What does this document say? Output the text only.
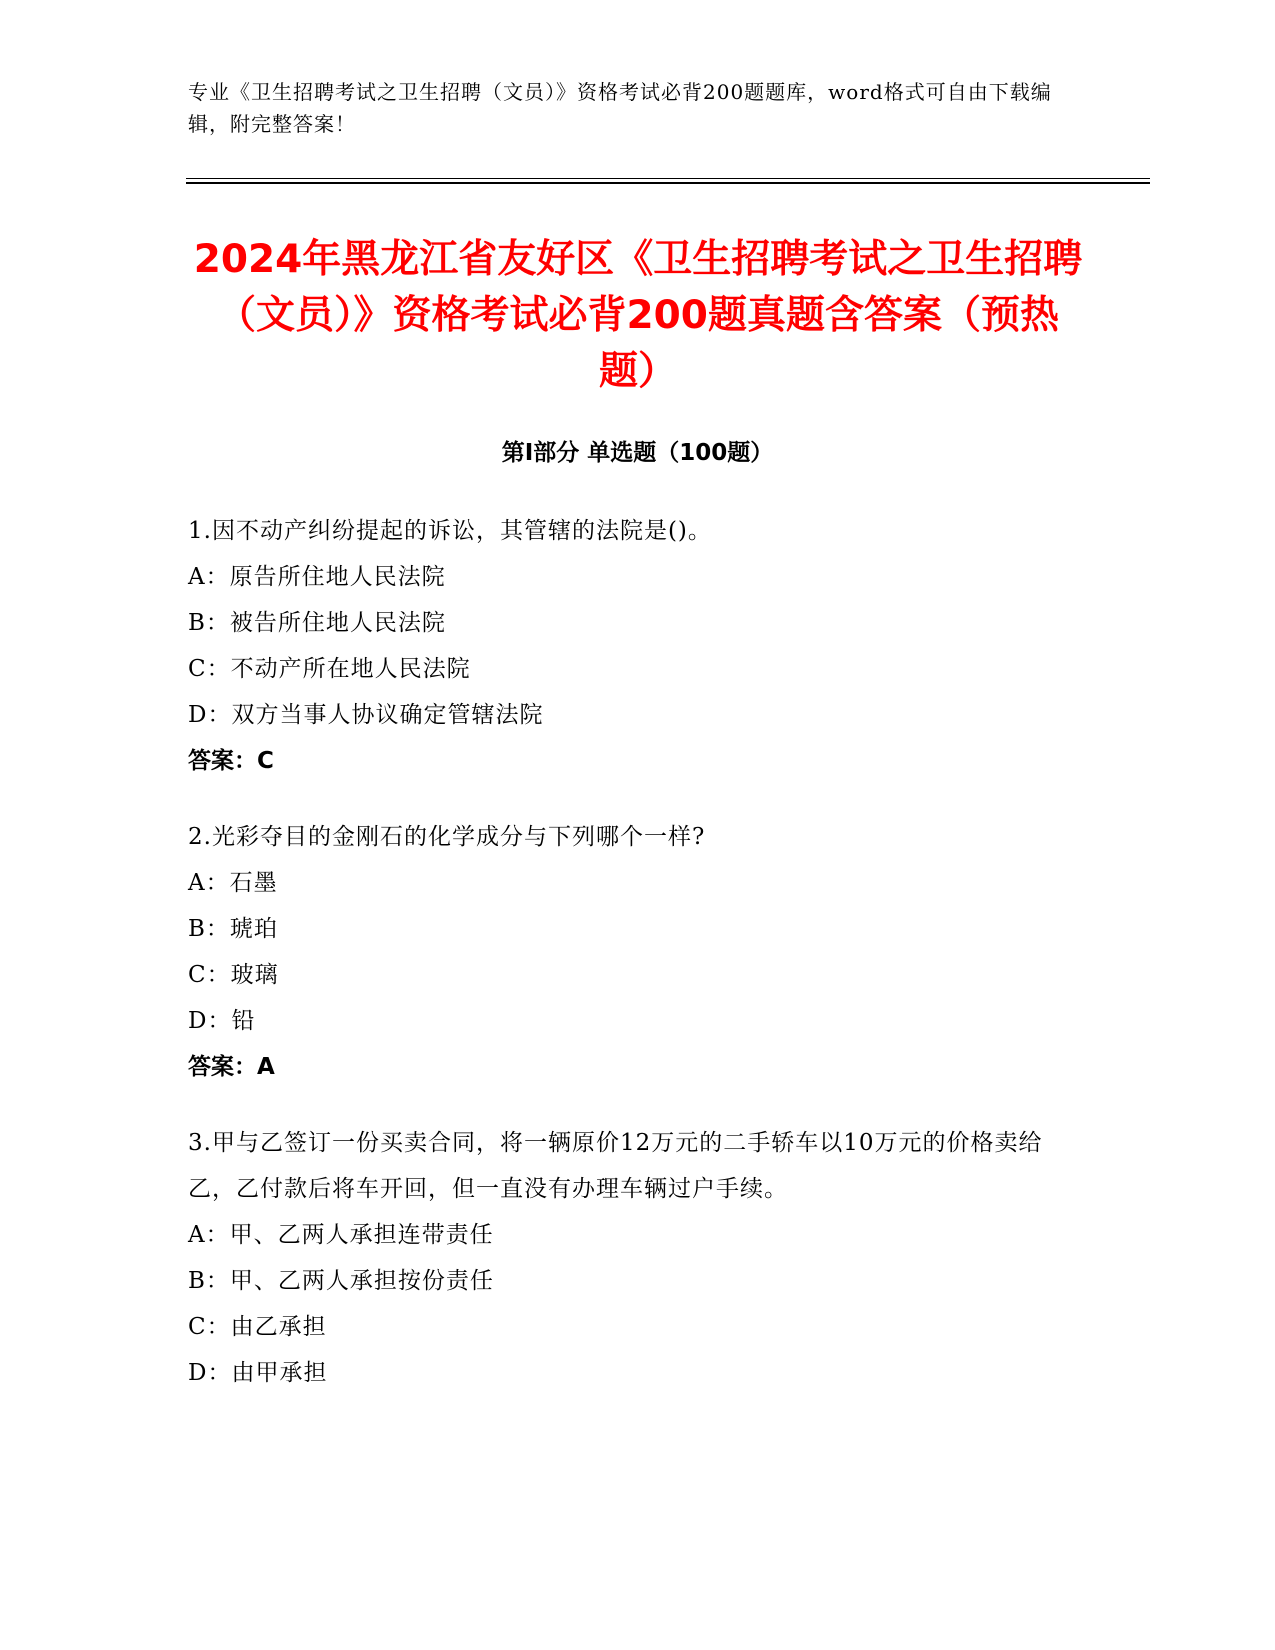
专业《卫生招聘考试之卫生招聘（文员）》资格考试必背200题题库，word格式可自由下载编辑，附完整答案！
2024年黑龙江省友好区《卫生招聘考试之卫生招聘（文员）》资格考试必背200题真题含答案（预热题）
第I部分 单选题（100题）
1.因不动产纠纷提起的诉讼，其管辖的法院是()。
A：原告所住地人民法院
B：被告所住地人民法院
C：不动产所在地人民法院
D：双方当事人协议确定管辖法院
答案：C
2.光彩夺目的金刚石的化学成分与下列哪个一样?
A：石墨
B：琥珀
C：玻璃
D：铅
答案：A
3.甲与乙签订一份买卖合同，将一辆原价12万元的二手轿车以10万元的价格卖给乙，乙付款后将车开回，但一直没有办理车辆过户手续。
A：甲、乙两人承担连带责任
B：甲、乙两人承担按份责任
C：由乙承担
D：由甲承担
